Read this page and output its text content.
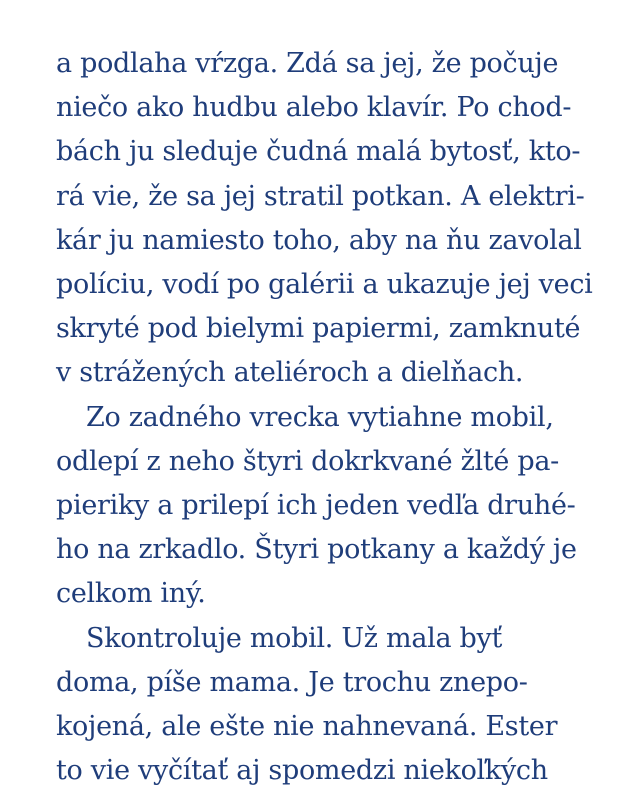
a podlaha vŕzga. Zdá sa jej, že počuje
niečo ako hudbu alebo klavír. Po chod-
bách ju sleduje čudná malá bytosť, kto-
rá vie, že sa jej stratil potkan. A elektri-
kár ju namiesto toho, aby na ňu zavolal
políciu, vodí po galérii a ukazuje jej veci
skryté pod bielymi papiermi, zamknuté
v strážených ateliéroch a dielňach.
Zo zadného vrecka vytiahne mobil,
odlepí z neho štyri dokrkvané žlté pa-
pieriky a prilepí ich jeden vedľa druhé-
ho na zrkadlo. Štyri potkany a každý je
celkom iný.
Skontroluje mobil. Už mala byť
doma, píše mama. Je trochu znepo-
kojená, ale ešte nie nahnevaná. Ester
to vie vyčítať aj spomedzi niekoľkých
